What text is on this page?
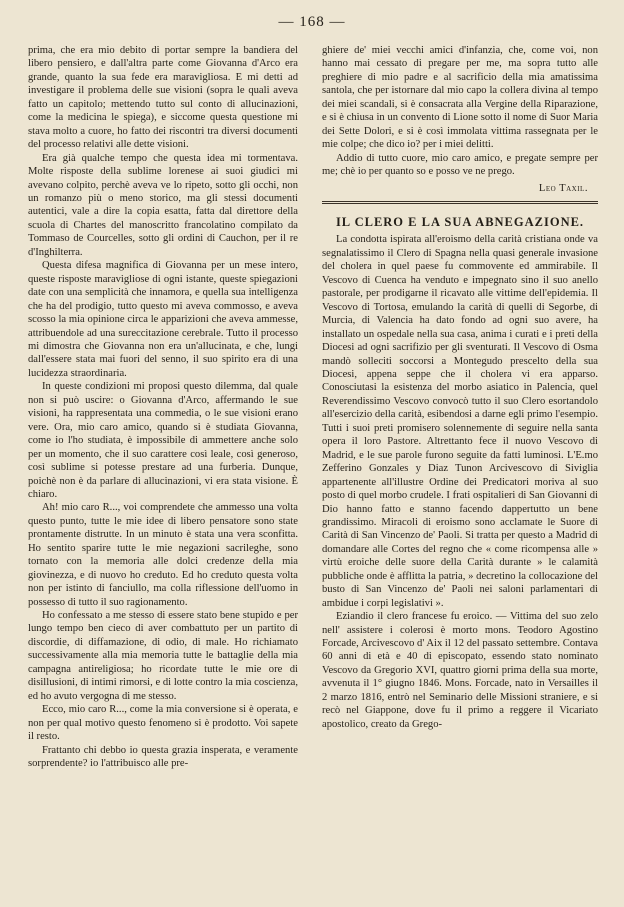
— 168 —

prima, che era mio debito di portar sempre la bandiera del libero pensiero, e dall'altra parte come Giovanna d'Arco era grande, quanto la sua fede era maravigliosa. E mi detti ad investigare il problema delle sue visioni (sopra le quali aveva fatto un capitolo; mettendo tutto sul conto di allucinazioni, come la medicina le spiega), e siccome questa questione mi stava molto a cuore, ho fatto dei riscontri tra diversi documenti del processo relativi alle dette visioni.

Era già qualche tempo che questa idea mi tormentava. Molte risposte della sublime lorenese ai suoi giudici mi avevano colpito, perchè aveva ve lo ripeto, sotto gli occhi, non un romanzo più o meno storico, ma gli stessi documenti autentici, vale a dire la copia esatta, fatta dal direttore della scuola di Chartes del manoscritto francolatino compilato da Tommaso de Courcelles, sotto gli ordini di Cauchon, per il re d'Inghilterra.

Questa difesa magnifica di Giovanna per un mese intero, queste risposte maravigliose di ogni istante, queste spiegazioni date con una semplicità che innamora, e quella sua intelligenza che ha del prodigio, tutto questo mi aveva commosso, e aveva scosso la mia opinione circa le apparizioni che aveva ammesse, attribuendole ad una sureccitazione cerebrale. Tutto il processo mi dimostra che Giovanna non era un'allucinata, e che, lungi dall'essere stata mai fuori del senno, il suo spirito era di una lucidezza straordinaria.

In queste condizioni mi proposi questo dilemma, dal quale non si può uscire: o Giovanna d'Arco, affermando le sue visioni, ha rappresentata una commedia, o le sue visioni erano vere. Ora, mio caro amico, quando si è studiata Giovanna, come io l'ho studiata, è impossibile di ammettere anche solo per un momento, che il suo carattere così leale, così generoso, così sublime si potesse prestare ad una furberia. Dunque, poichè non è da parlare di allucinazioni, vi era stata visione. È chiaro.

Ah! mio caro R..., voi comprendete che ammesso una volta questo punto, tutte le mie idee di libero pensatore sono state prontamente distrutte. In un minuto è stata una vera sconfitta. Ho sentito sparire tutte le mie negazioni sacrileghe, sono tornato con la memoria alle dolci credenze della mia giovinezza, e di nuovo ho creduto. Ed ho creduto questa volta non per istinto di fanciullo, ma colla riflessione dell'uomo in possesso di tutto il suo ragionamento.

Ho confessato a me stesso di essere stato bene stupido e per lungo tempo ben cieco di aver combattuto per un partito di discordie, di diffamazione, di odio, di male. Ho richiamato successivamente alla mia memoria tutte le battaglie della mia campagna antireligiosa; ho ricordate tutte le mie ore di disillusioni, di intimi rimorsi, e di lotte contro la mia coscienza, ed ho avuto vergogna di me stesso.

Ecco, mio caro R..., come la mia conversione si è operata, e non per qual motivo questo fenomeno si è prodotto. Voi sapete il resto.

Frattanto chi debbo io questa grazia insperata, e veramente sorprendente? io l'attribuisco alle pre-

ghiere de' miei vecchi amici d'infanzia, che, come voi, non hanno mai cessato di pregare per me, ma sopra tutto alle preghiere di mio padre e al sacrificio della mia amatissima santola, che per istornare dal mio capo la collera divina al tempo dei miei scandali, si è consacrata alla Vergine della Riparazione, e si è chiusa in un convento di Lione sotto il nome di Suor Maria dei Sette Dolori, e si è così immolata vittima rassegnata per le mie colpe; che dico io? per i miei delitti.

Addio di tutto cuore, mio caro amico, e pregate sempre per me; chè io per quanto so e posso ve ne prego.

Leo Taxil.
IL CLERO E LA SUA ABNEGAZIONE.

La condotta ispirata all'eroismo della carità cristiana onde va segnalatissimo il Clero di Spagna nella quasi generale invasione del cholera in quel paese fu commovente ed ammirabile. Il Vescovo di Cuenca ha venduto e impegnato sino il suo anello pastorale, per prodigarne il ricavato alle vittime dell'epidemia. Il Vescovo di Tortosa, emulando la carità di quelli di Segorbe, di Murcia, di Valencia ha dato fondo ad ogni suo avere, ha installato un ospedale nella sua casa, anima i curati e i preti della Diocesi ad ogni sacrifizio per gli sventurati. Il Vescovo di Osma mandò solleciti soccorsi a Montegudo prescelto della sua Diocesi, appena seppe che il cholera vi era apparso. Conosciutasi la esistenza del morbo asiatico in Palencia, quel Reverendissimo Vescovo convocò tutto il suo Clero esortandolo all'esercizio della carità, esibendosi a darne egli primo l'esempio. Tutti i suoi preti promisero solennemente di seguire nella santa opera il loro Pastore. Altrettanto fece il nuovo Vescovo di Madrid, e le sue parole furono seguite da fatti luminosi. L'E.mo Zefferino Gonzales y Diaz Tunon Arcivescovo di Siviglia appartenente all'illustre Ordine dei Predicatori moriva al suo posto di quel morbo crudele. I frati ospitalieri di San Giovanni di Dio hanno fatto e stanno facendo dappertutto un bene grandissimo. Miracoli di eroismo sono acclamate le Suore di Carità di San Vincenzo de' Paoli. Si tratta per questo a Madrid di domandare alle Cortes del regno che « come ricompensa alle » virtù eroiche delle suore della Carità durante » le calamità pubbliche onde è afflitta la patria, » decretino la collocazione del busto di San Vincenzo de' Paoli nei saloni parlamentari di ambidue i corpi legislativi ».

Eziandio il clero francese fu eroico. — Vittima del suo zelo nell' assistere i colerosi è morto mons. Teodoro Agostino Forcade, Arcivescovo d' Aix il 12 del passato settembre. Contava 60 anni di età e 40 di episcopato, essendo stato nominato Vescovo da Gregorio XVI, quattro giorni prima della sua morte, avvenuta il 1° giugno 1846. Mons. Forcade, nato in Versailles il 2 marzo 1816, entrò nel Seminario delle Missioni straniere, e si recò nel Giappone, dove fu il primo a reggere il Vicariato apostolico, creato da Grego-
